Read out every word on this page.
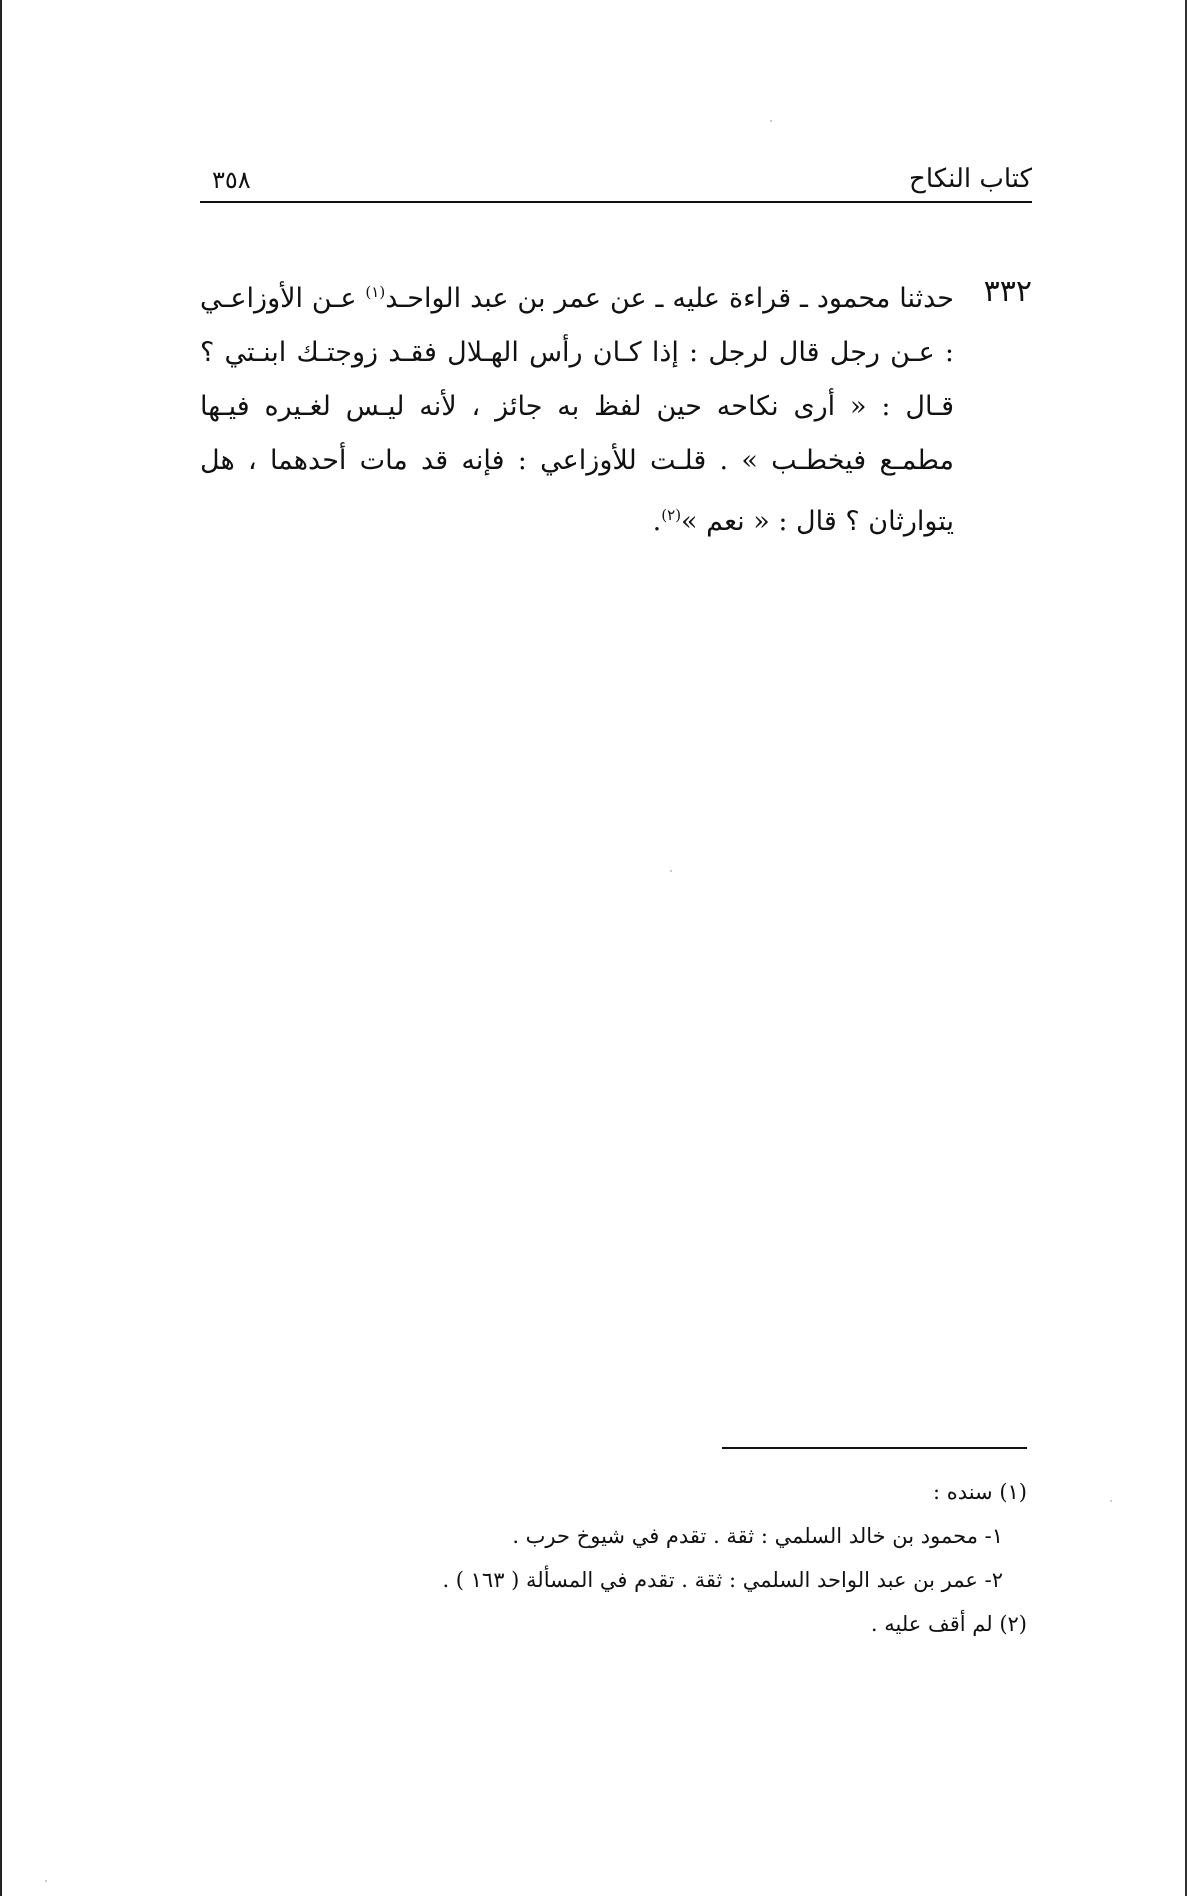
كتاب النكاح
٣٥٨
٣٣٢
حدثنا محمود ـ قراءة عليه ـ عن عمر بن عبد الواحـد$^{(١)}$ عـن الأوزاعـي : عـن رجل قال لرجل : إذا كـان رأس الهـلال فقـد زوجتـك ابنـتي ؟ قـال : « أرى نكاحه حين لفظ به جائز ، لأنه ليـس لغـيره فيـها مطمـع فيخطـب » . قلـت للأوزاعي : فإنه قد مات أحدهما ، هل يتوارثان ؟ قال : « نعم »$^{(٢)}$.
(١) سنده :
١- محمود بن خالد السلمي : ثقة . تقدم في شيوخ حرب .
٢- عمر بن عبد الواحد السلمي : ثقة . تقدم في المسألة ( ١٦٣ ) .
(٢) لم أقف عليه .
